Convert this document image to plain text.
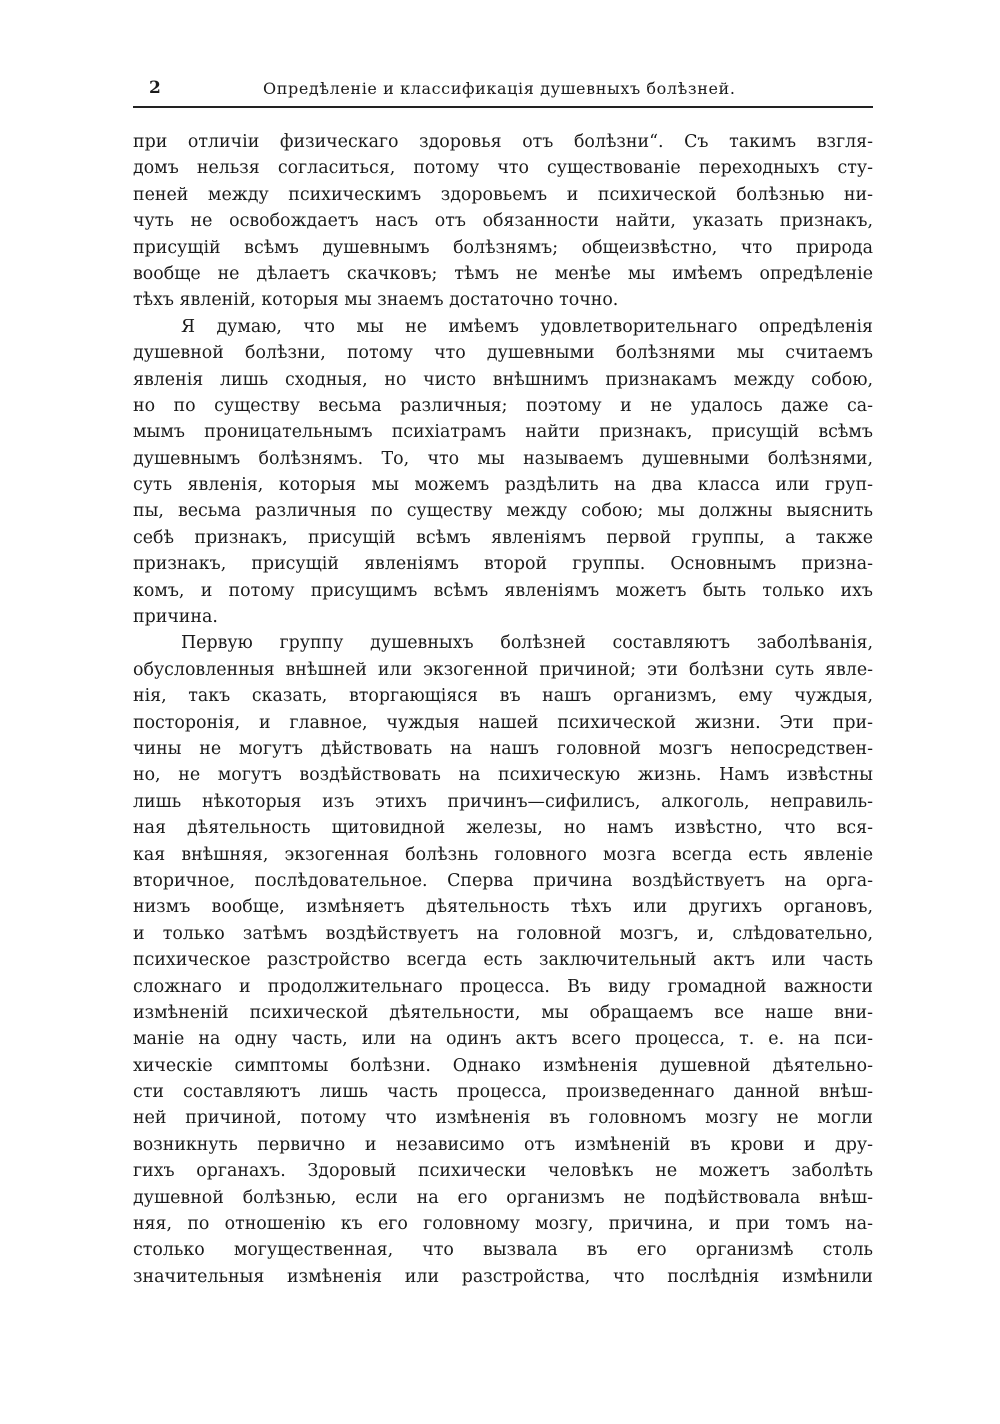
2	Опредѣленіе и классификація душевныхъ болѣзней.
при отличіи физическаго здоровья отъ болѣзни“. Съ такимъ взгля-
домъ нельзя согласиться, потому что существованіе переходныхъ сту-
пеней между психическимъ здоровьемъ и психической болѣзнью ни-
чуть не освобождаетъ насъ отъ обязанности найти, указать признакъ,
присущій всѣмъ душевнымъ болѣзнямъ; общеизвѣстно, что природа
вообще не дѣлаетъ скачковъ; тѣмъ не менѣе мы имѣемъ опредѣленіе
тѣхъ явленій, которыя мы знаемъ достаточно точно.
Я думаю, что мы не имѣемъ удовлетворительнаго опредѣленія
душевной болѣзни, потому что душевными болѣзнями мы считаемъ
явленія лишь сходныя, но чисто внѣшнимъ признакамъ между собою,
но по существу весьма различныя; поэтому и не удалось даже са-
мымъ проницательнымъ психіатрамъ найти признакъ, присущій всѣмъ
душевнымъ болѣзнямъ. То, что мы называемъ душевными болѣзнями,
суть явленія, которыя мы можемъ раздѣлить на два класса или груп-
пы, весьма различныя по существу между собою; мы должны выяснить
себѣ признакъ, присущій всѣмъ явленіямъ первой группы, а также
признакъ, присущій явленіямъ второй группы. Основнымъ призна-
комъ, и потому присущимъ всѣмъ явленіямъ можетъ быть только ихъ
причина.
Первую группу душевныхъ болѣзней составляютъ заболѣванія,
обусловленныя внѣшней или экзогенной причиной; эти болѣзни суть явле-
нія, такъ сказать, вторгающіяся въ нашъ организмъ, ему чуждыя,
посторонія, и главное, чуждыя нашей психической жизни. Эти при-
чины не могутъ дѣйствовать на нашъ головной мозгъ непосредствен-
но, не могутъ воздѣйствовать на психическую жизнь. Намъ извѣстны
лишь нѣкоторыя изъ этихъ причинъ—сифилисъ, алкоголь, неправиль-
ная дѣятельность щитовидной железы, но намъ извѣстно, что вся-
кая внѣшняя, экзогенная болѣзнь головного мозга всегда есть явленіе
вторичное, послѣдовательное. Сперва причина воздѣйствуетъ на орга-
низмъ вообще, измѣняетъ дѣятельность тѣхъ или другихъ органовъ,
и только затѣмъ воздѣйствуетъ на головной мозгъ, и, слѣдовательно,
психическое разстройство всегда есть заключительный актъ или часть
сложнаго и продолжительнаго процесса. Въ виду громадной важности
измѣненій психической дѣятельности, мы обращаемъ все наше вни-
маніе на одну часть, или на одинъ актъ всего процесса, т. е. на пси-
хическіе симптомы болѣзни. Однако измѣненія душевной дѣятельно-
сти составляютъ лишь часть процесса, произведеннаго данной внѣш-
ней причиной, потому что измѣненія въ головномъ мозгу не могли
возникнуть первично и независимо отъ измѣненій въ крови и дру-
гихъ органахъ. Здоровый психически человѣкъ не можетъ заболѣть
душевной болѣзнью, если на его организмъ не подѣйствовала внѣш-
няя, по отношенію къ его головному мозгу, причина, и при томъ на-
столько могущественная, что вызвала въ его организмѣ столь
значительныя измѣненія или разстройства, что послѣднія измѣнили
